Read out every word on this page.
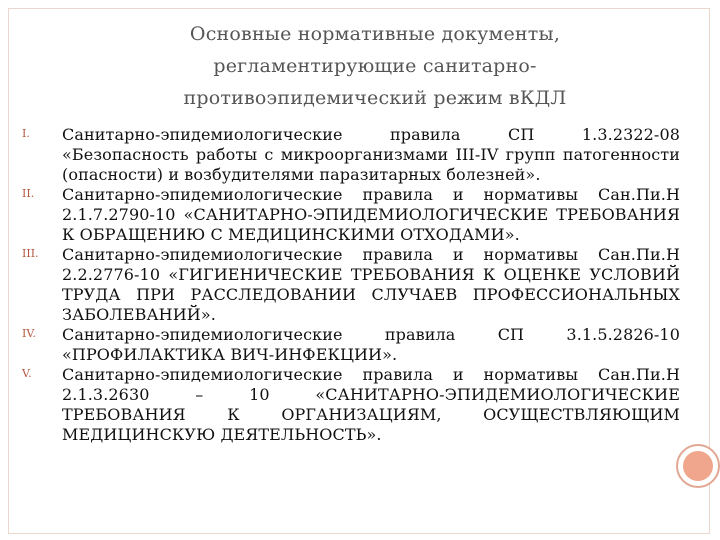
Основные нормативные документы,
регламентирующие санитарно-
противоэпидемический режим вКДЛ
I. Санитарно-эпидемиологические правила СП 1.3.2322-08 «Безопасность работы с микроорганизмами III-IV групп патогенности (опасности) и возбудителями паразитарных болезней».
II. Санитарно-эпидемиологические правила и нормативы Сан.Пи.Н 2.1.7.2790-10 «САНИТАРНО-ЭПИДЕМИОЛОГИЧЕСКИЕ ТРЕБОВАНИЯ К ОБРАЩЕНИЮ С МЕДИЦИНСКИМИ ОТХОДАМИ».
III. Санитарно-эпидемиологические правила и нормативы Сан.Пи.Н 2.2.2776-10 «ГИГИЕНИЧЕСКИЕ ТРЕБОВАНИЯ К ОЦЕНКЕ УСЛОВИЙ ТРУДА ПРИ РАССЛЕДОВАНИИ СЛУЧАЕВ ПРОФЕССИОНАЛЬНЫХ ЗАБОЛЕВАНИЙ».
IV. Санитарно-эпидемиологические правила СП 3.1.5.2826-10 «ПРОФИЛАКТИКА ВИЧ-ИНФЕКЦИИ».
V. Санитарно-эпидемиологические правила и нормативы Сан.Пи.Н 2.1.3.2630 – 10 «САНИТАРНО-ЭПИДЕМИОЛОГИЧЕСКИЕ ТРЕБОВАНИЯ К ОРГАНИЗАЦИЯМ, ОСУЩЕСТВЛЯЮЩИМ МЕДИЦИНСКУЮ ДЕЯТЕЛЬНОСТЬ».
